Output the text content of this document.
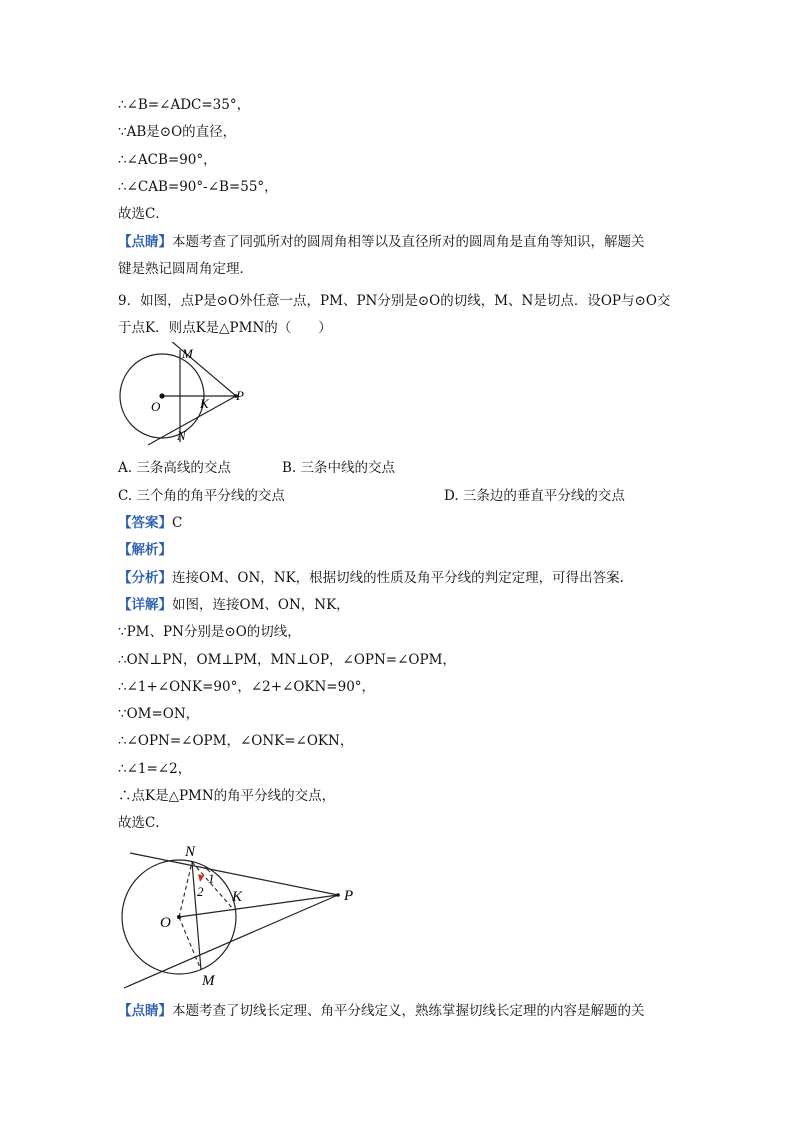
∴∠B=∠ADC=35°，
∵AB是⊙O的直径，
∴∠ACB=90°，
∴∠CAB=90°-∠B=55°，
故选C．
【点睛】本题考查了同弧所对的圆周角相等以及直径所对的圆周角是直角等知识，解题关
键是熟记圆周角定理．
9．如图，点P是⊙O外任意一点，PM、PN分别是⊙O的切线，M、N是切点．设OP与⊙O交
于点K．则点K是△PMN的（　　）
M
O	K
P
N
A. 三条高线的交点	B. 三条中线的交点
C. 三个角的角平分线的交点	D. 三条边的垂直平分线的交点
【答案】C
【解析】
【分析】连接OM、ON，NK，根据切线的性质及角平分线的判定定理，可得出答案.
【详解】如图，连接OM、ON，NK，
∵PM、PN分别是⊙O的切线，
∴ON⊥PN，OM⊥PM，MN⊥OP，∠OPN=∠OPM，
∴∠1+∠ONK=90°，∠2+∠OKN=90°，
∵OM=ON，
∴∠OPN=∠OPM，∠ONK=∠OKN，
∴∠1=∠2，
∴点K是△PMN的角平分线的交点，
故选C．
N
1
2 K	P
O
M
【点睛】本题考查了切线长定理、角平分线定义，熟练掌握切线长定理的内容是解题的关
